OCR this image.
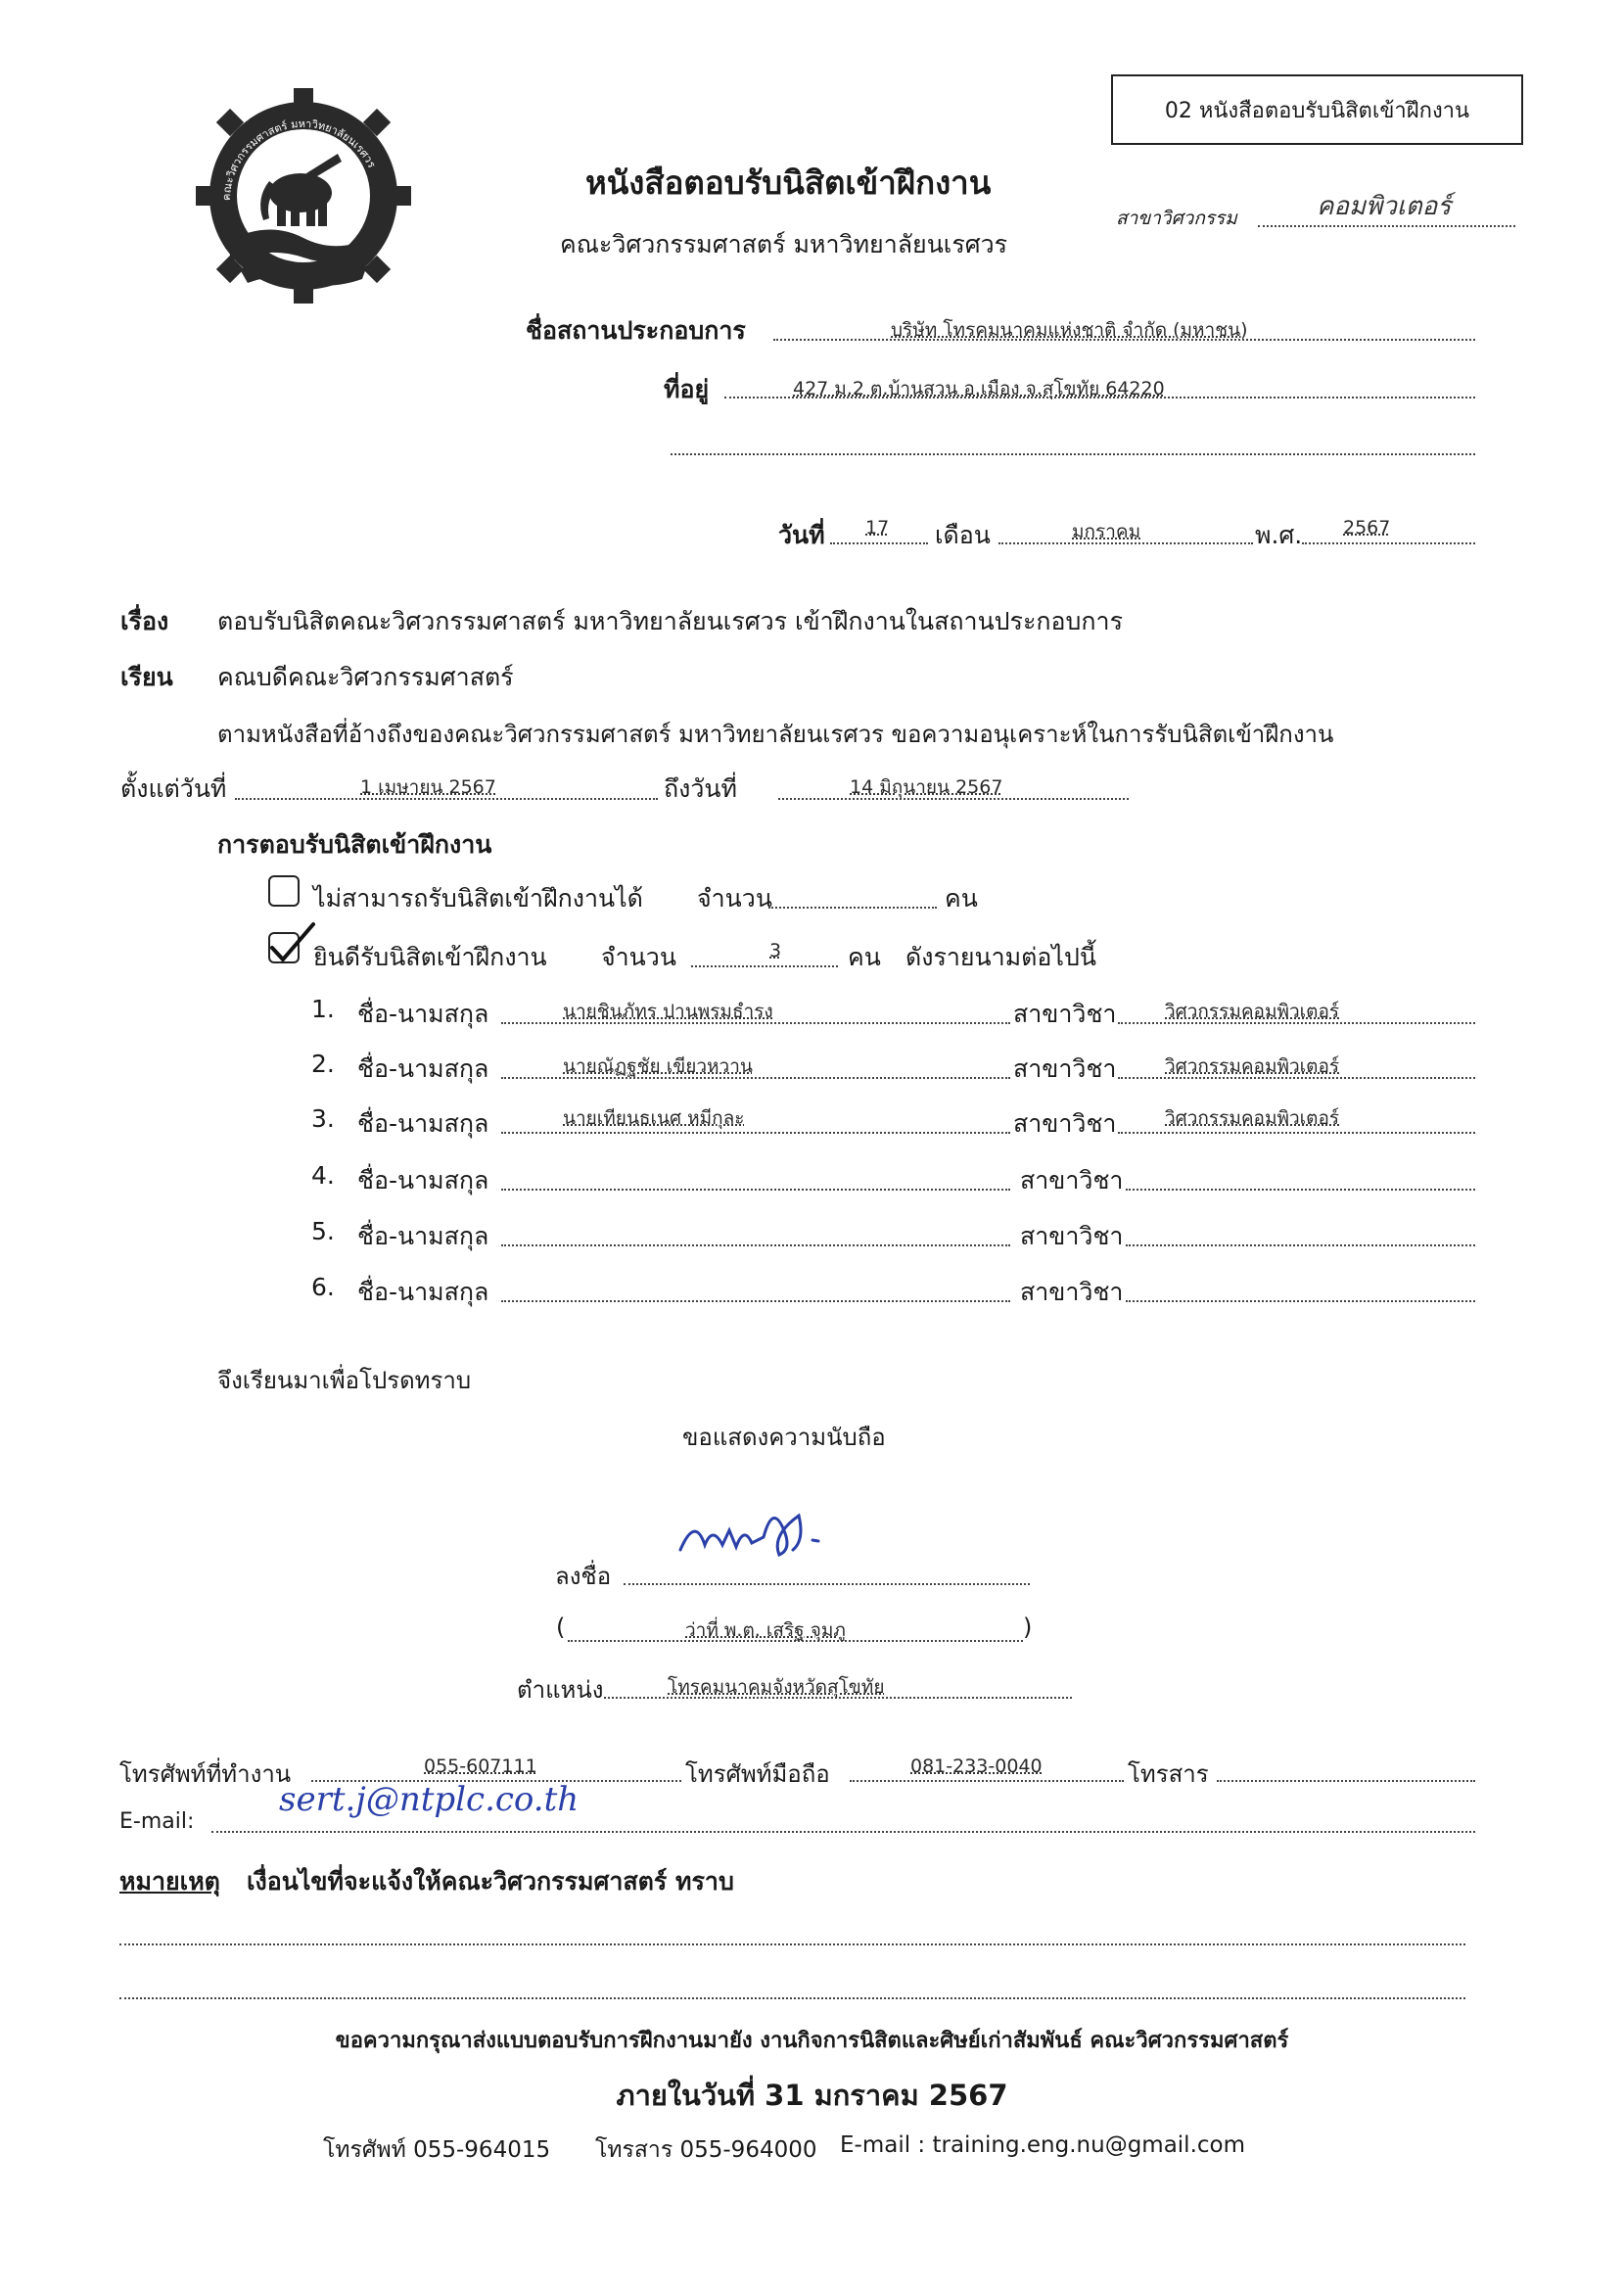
02 หนังสือตอบรับนิสิตเข้าฝึกงาน
คณะวิศวกรรมศาสตร์ มหาวิทยาลัยนเรศวร	หนังสือตอบรับนิสิตเข้าฝึกงาน
คณะวิศวกรรมศาสตร์ มหาวิทยาลัยนเรศวร
สาขาวิศวกรรม	คอมพิวเตอร์
ชื่อสถานประกอบการ	บริษัท โทรคมนาคมแห่งชาติ จำกัด (มหาชน)
ที่อยู่	427 ม.2 ต.บ้านสวน อ.เมือง จ.สุโขทัย 64220
วันที่ 17 เดือน	มกราคม	พ.ศ. 2567
เรื่อง ตอบรับนิสิตคณะวิศวกรรมศาสตร์ มหาวิทยาลัยนเรศวร เข้าฝึกงานในสถานประกอบการ
เรียน คณบดีคณะวิศวกรรมศาสตร์
ตามหนังสือที่อ้างถึงของคณะวิศวกรรมศาสตร์ มหาวิทยาลัยนเรศวร ขอความอนุเคราะห์ในการรับนิสิตเข้าฝึกงาน
ตั้งแต่วันที่	1 เมษายน 2567	ถึงวันที่	14 มิถุนายน 2567
การตอบรับนิสิตเข้าฝึกงาน
ไม่สามารถรับนิสิตเข้าฝึกงานได้ จำนวน	คน
ยินดีรับนิสิตเข้าฝึกงาน จำนวน	3	คน ดังรายนามต่อไปนี้
1. ชื่อ-นามสกุล	นายชินภัทร ปานพรมธำรง	สาขาวิชา	วิศวกรรมคอมพิวเตอร์
2. ชื่อ-นามสกุล	นายณัฏฐชัย เขียวหวาน	สาขาวิชา	วิศวกรรมคอมพิวเตอร์
3. ชื่อ-นามสกุล	นายเทียนธเนศ หมีกุละ	สาขาวิชา	วิศวกรรมคอมพิวเตอร์
4. ชื่อ-นามสกุล	สาขาวิชา
5. ชื่อ-นามสกุล	สาขาวิชา
6. ชื่อ-นามสกุล	สาขาวิชา
จึงเรียนมาเพื่อโปรดทราบ
ขอแสดงความนับถือ
ลงชื่อ
(	ว่าที่ พ.ต. เสริฐ จุมภู	)
ตำแหน่ง	โทรคมนาคมจังหวัดสุโขทัย
โทรศัพท์ที่ทำงาน	055-607111	โทรศัพท์มือถือ	081-233-0040	โทรสาร
E-mail:
sert.j@ntplc.co.th
หมายเหตุ เงื่อนไขที่จะแจ้งให้คณะวิศวกรรมศาสตร์ ทราบ
ขอความกรุณาส่งแบบตอบรับการฝึกงานมายัง งานกิจการนิสิตและศิษย์เก่าสัมพันธ์ คณะวิศวกรรมศาสตร์
ภายในวันที่ 31 มกราคม 2567
โทรศัพท์ 055-964015 โทรสาร 055-964000 E-mail : training.eng.nu@gmail.com
